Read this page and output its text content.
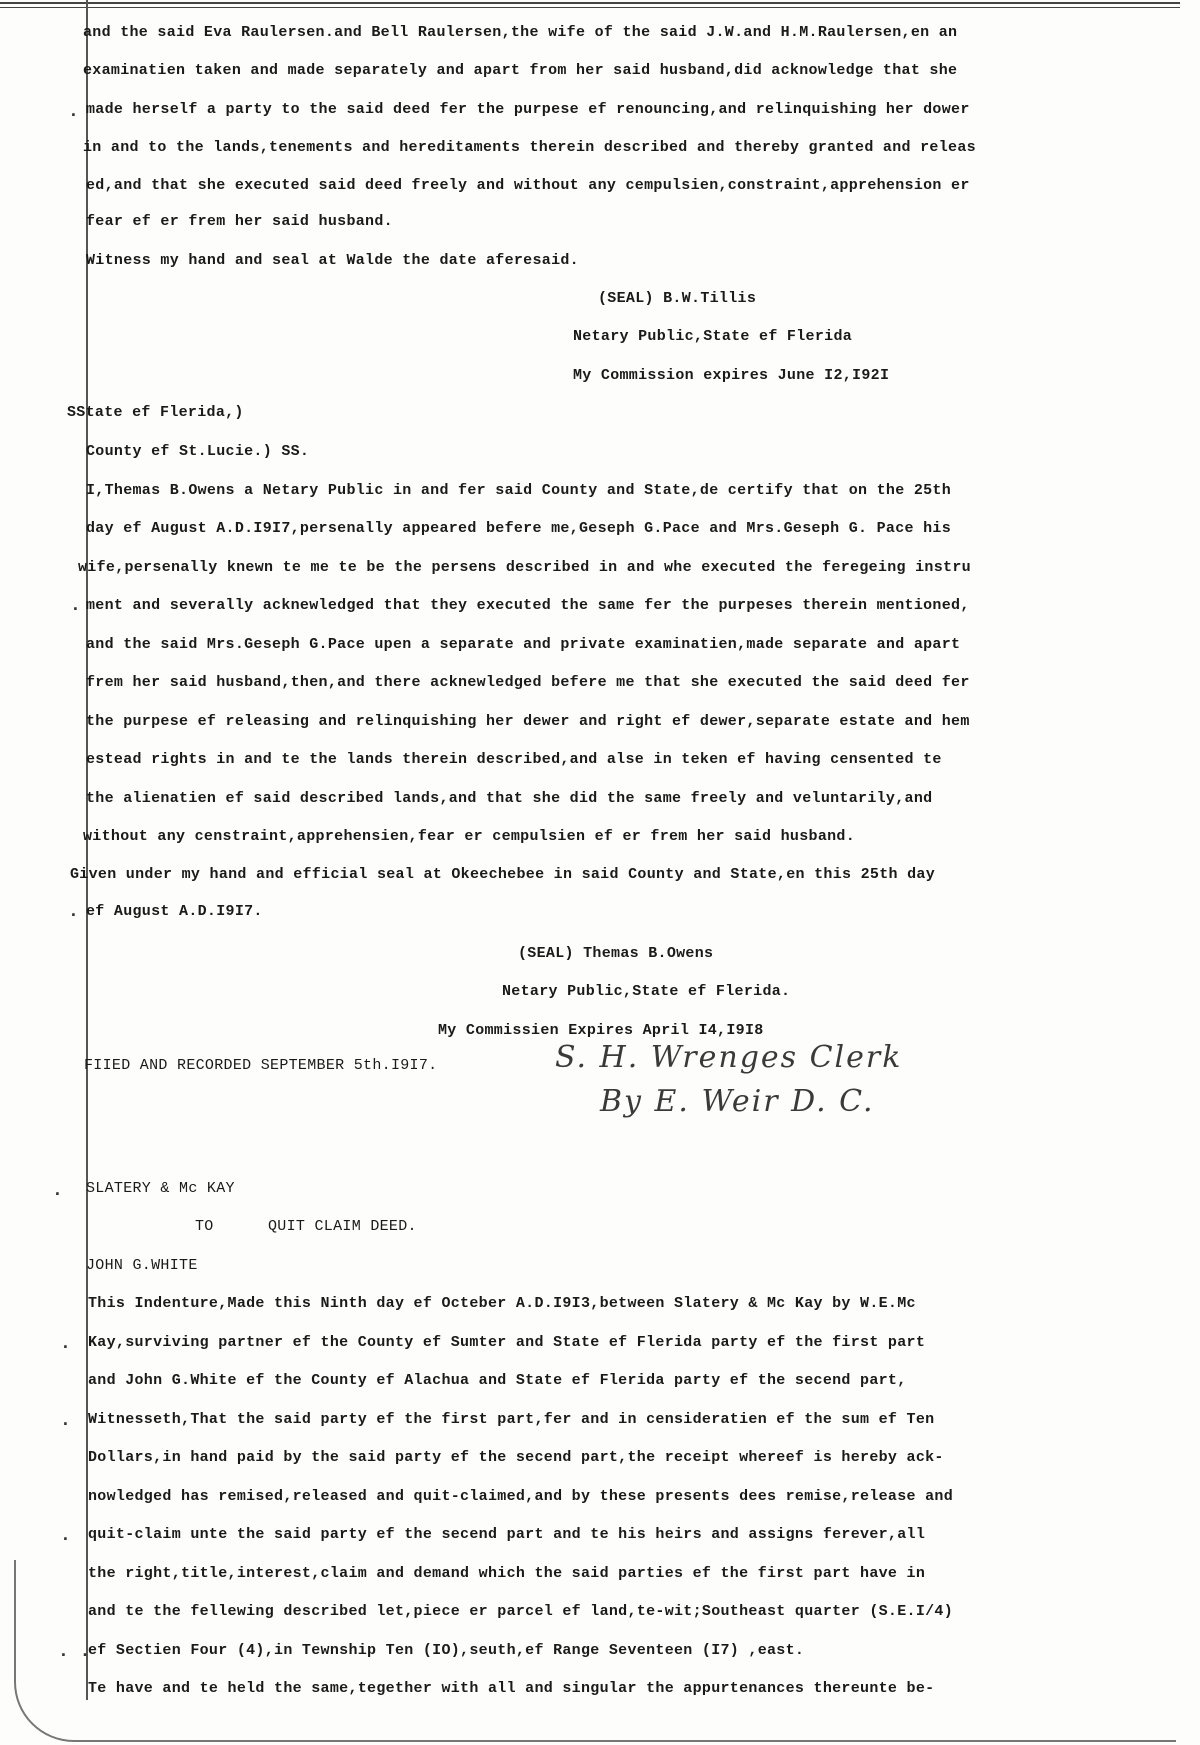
and the said Eva Raulersen.and Bell Raulersen,the wife of the said J.W.and H.M.Raulersen,en an
examinatien taken and made separately and apart from her said husband,did acknowledge that she
made herself a party to the said deed fer the purpese ef renouncing,and relinquishing her dower
in and to the lands,tenements and hereditaments therein described and thereby granted and releas
ed,and that she executed said deed freely and without any cempulsien,constraint,apprehension er
fear ef er frem her said husband.
Witness my hand and seal at Walde the date aferesaid.
(SEAL) B.W.Tillis
Netary Public,State ef Flerida
My Commission expires June I2,I92I
SState ef Flerida,)
County ef St.Lucie.) SS.
I,Themas B.Owens a Netary Public in and fer said County and State,de certify that on the 25th
day ef August A.D.I9I7,persenally appeared befere me,Geseph G.Pace and Mrs.Geseph G. Pace his
wife,persenally knewn te me te be the persens described in and whe executed the feregeing instru
ment and severally acknewledged that they executed the same fer the purpeses therein mentioned,
and the said Mrs.Geseph G.Pace upen a separate and private examinatien,made separate and apart
frem her said husband,then,and there acknewledged befere me that she executed the said deed fer
the purpese ef releasing and relinquishing her dewer and right ef dewer,separate estate and hem
estead rights in and te the lands therein described,and alse in teken ef having censented te
the alienatien ef said described lands,and that she did the same freely and veluntarily,and
without any censtraint,apprehensien,fear er cempulsien ef er frem her said husband.
Given under my hand and efficial seal at Okeechebee in said County and State,en this 25th day
ef August A.D.I9I7.
(SEAL) Themas B.Owens
Netary Public,State ef Flerida.
My Commissien Expires April I4,I9I8
FIIED AND RECORDED SEPTEMBER 5th.I9I7.	S. H. Wrenges Clerk
By E. Weir D. C.
SLATERY & Mc KAY
TO	QUIT CLAIM DEED.
JOHN G.WHITE
This Indenture,Made this Ninth day ef Octeber A.D.I9I3,between Slatery & Mc Kay by W.E.Mc
Kay,surviving partner ef the County ef Sumter and State ef Flerida party ef the first part
and John G.White ef the County ef Alachua and State ef Flerida party ef the secend part,
Witnesseth,That the said party ef the first part,fer and in censideratien ef the sum ef Ten
Dollars,in hand paid by the said party ef the secend part,the receipt whereef is hereby ack-
nowledged has remised,released and quit-claimed,and by these presents dees remise,release and
quit-claim unte the said party ef the secend part and te his heirs and assigns ferever,all
the right,title,interest,claim and demand which the said parties ef the first part have in
and te the fellewing described let,piece er parcel ef land,te-wit;Southeast quarter (S.E.I/4)
ef Sectien Four (4),in Tewnship Ten (IO),seuth,ef Range Seventeen (I7) ,east.
Te have and te held the same,tegether with all and singular the appurtenances thereunte be-
.
.
.
.
.
.
.
. .
